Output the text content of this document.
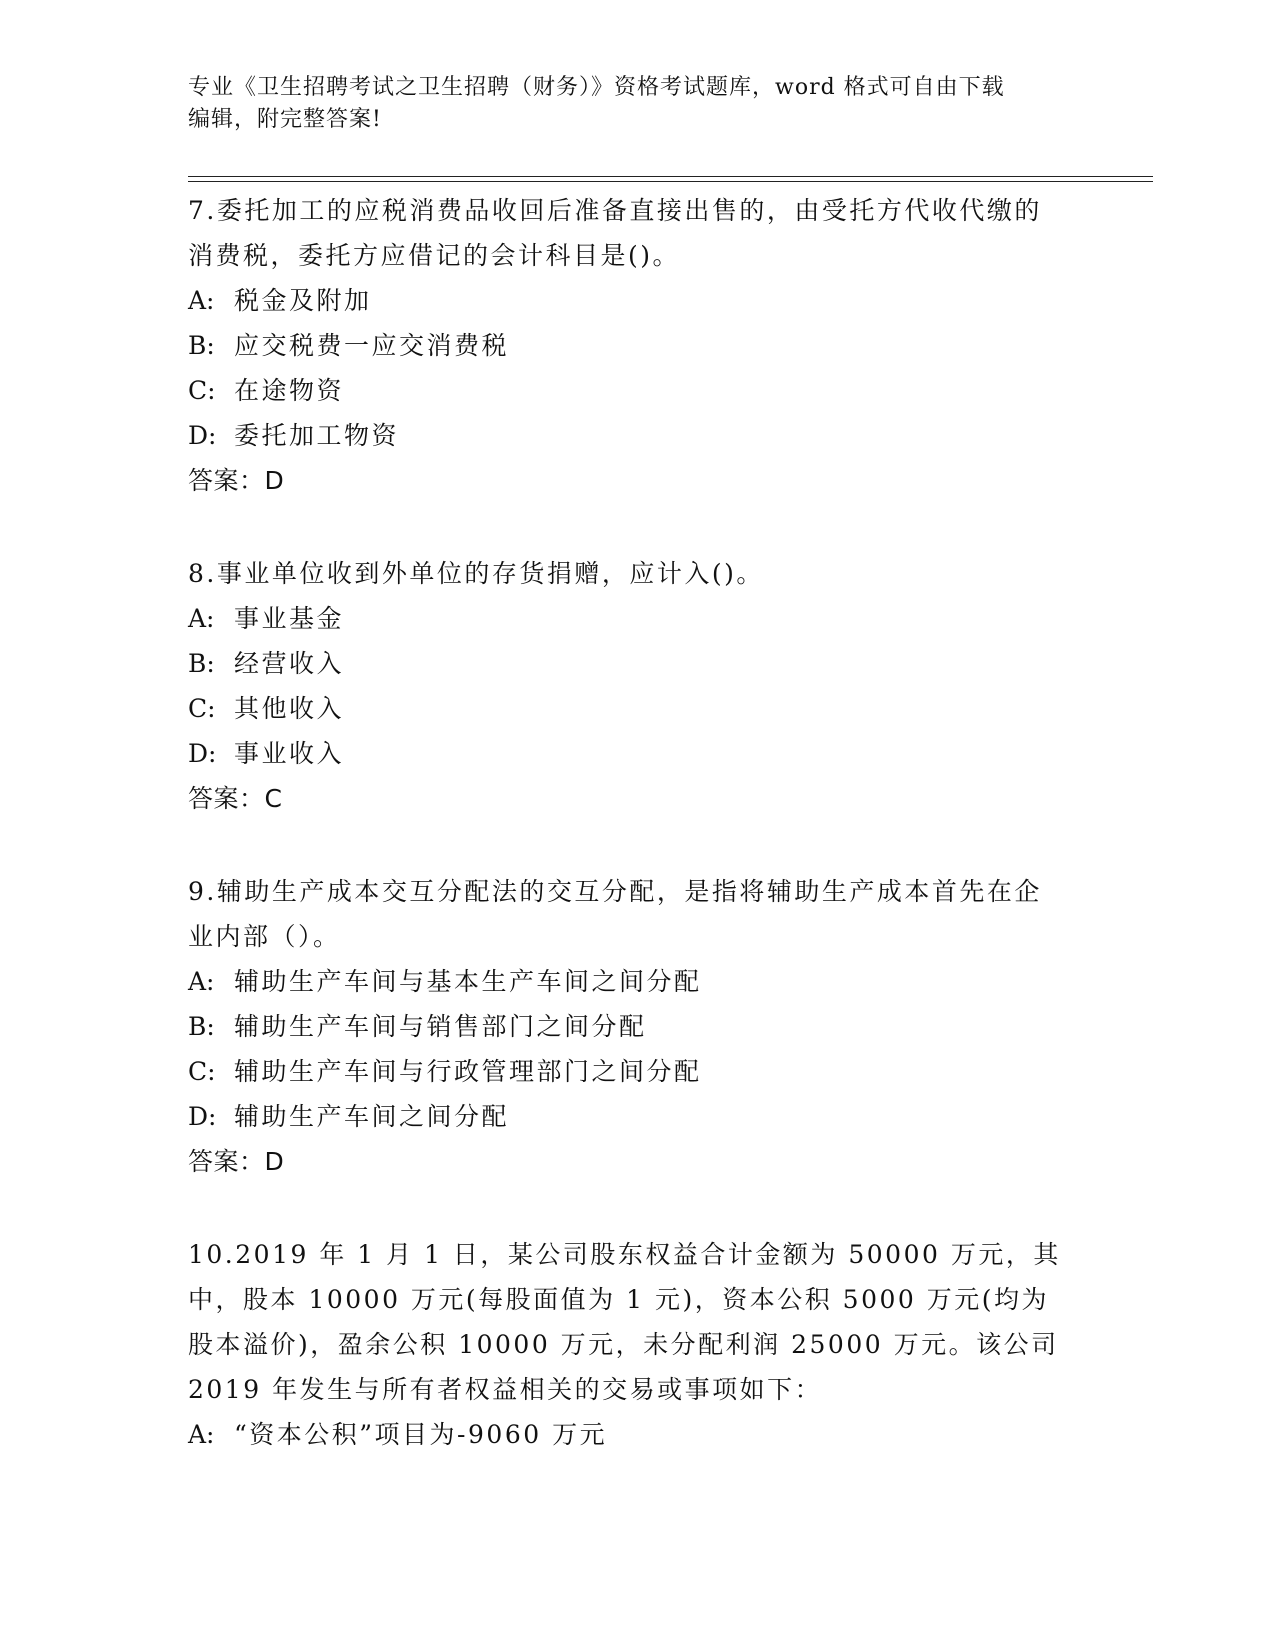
专业《卫生招聘考试之卫生招聘（财务）》资格考试题库，word 格式可自由下载
编辑，附完整答案!

7.委托加工的应税消费品收回后准备直接出售的，由受托方代收代缴的消费税，委托方应借记的会计科目是()。

A: 税金及附加

B: 应交税费一应交消费税

C: 在途物资

D: 委托加工物资

答案：D

8.事业单位收到外单位的存货捐赠，应计入()。

A: 事业基金

B: 经营收入

C: 其他收入

D: 事业收入

答案：C

9.辅助生产成本交互分配法的交互分配，是指将辅助生产成本首先在企业内部（）。

A: 辅助生产车间与基本生产车间之间分配

B: 辅助生产车间与销售部门之间分配

C: 辅助生产车间与行政管理部门之间分配

D: 辅助生产车间之间分配

答案：D

10.2019 年 1 月 1 日，某公司股东权益合计金额为 50000 万元，其中，股本 10000 万元(每股面值为 1 元)，资本公积 5000 万元(均为股本溢价)，盈余公积 10000 万元，未分配利润 25000 万元。该公司 2019 年发生与所有者权益相关的交易或事项如下：

A: “资本公积”项目为-9060 万元
